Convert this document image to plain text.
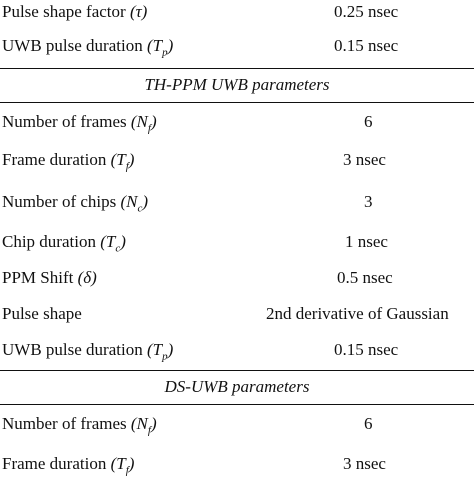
Pulse shape factor (τ)	0.25 nsec
UWB pulse duration $(T_p)$	0.15 nsec
TH-PPM UWB parameters
Number of frames $(N_f)$	6
Frame duration $(T_f)$	3 nsec
Number of chips $(N_c)$	3
Chip duration $(T_c)$	1 nsec
PPM Shift (δ)	0.5 nsec
Pulse shape	2nd derivative of Gaussian
UWB pulse duration $(T_p)$	0.15 nsec
DS-UWB parameters
Number of frames $(N_f)$	6
Frame duration $(T_f)$	3 nsec
